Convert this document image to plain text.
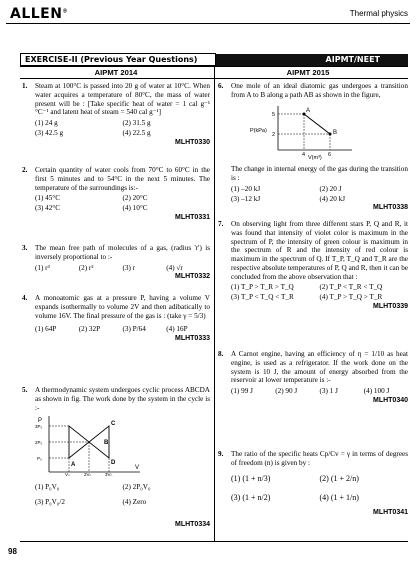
ALLEN®	Thermal physics
EXERCISE-II (Previous Year Questions)	AIPMT/NEET
AIPMT 2014	AIPMT 2015
1. Steam at 100°C is passed into 20 g of water at 10°C. When water acquires a temperature of 80°C, the mass of water present will be : [Take specific heat of water = 1 cal g⁻¹ °C⁻¹ and latent heat of steam = 540 cal g⁻¹]
(1) 24 g	(2) 31.5 g
(3) 42.5 g	(4) 22.5 g
MLHT0330
2. Certain quantity of water cools from 70°C to 60°C in the first 5 minutes and to 54°C in the next 5 minutes. The temperature of the surroundings is:-
(1) 45°C	(2) 20°C
(3) 42°C	(4) 10°C
MLHT0331
3. The mean free path of molecules of a gas, (radius 'r') is inversely proportional to :-
(1) r³	(2) r²	(3) r	(4) √r
MLHT0332
4. A monoatomic gas at a pressure P, having a volume V expands isothermally to volume 2V and then adibatically to volume 16V. The final pressure of the gas is : (take γ = 5/3)
(1) 64P	(2) 32P	(3) P/64	(4) 16P
MLHT0333
5. A thermodynamic system undergoes cyclic process ABCDA as shown in fig. The work done by the system in the cycle is :-
P
V
3P₀
2P₀
P₀
V₀	2V₀	3V₀
A
B
C
D
(1) P₀V₀	(2) 2P₀V₀
(3) P₀V₀/2	(4) Zero
MLHT0334
6. One mole of an ideal diatomic gas undergoes a transition from A to B along a path AB as shown in the figure,
P(kPa)
V(m³)
5
2
4	6
A
B
The change in internal energy of the gas during the transition is :
(1) –20 kJ	(2) 20 J
(3) –12 kJ	(4) 20 kJ
MLHT0338
7. On observing light from three different stars P, Q and R, it was found that intensity of violet color is maximum in the spectrum of P, the intensity of green colour is maximum in the spectrum of R and the intensity of red colour is maximum in the spectrum of Q. If T_P, T_Q and T_R are the respective absolute temperatures of P, Q and R, then it can be concluded from the above observation that :
(1) T_P > T_R > T_Q	(2) T_P < T_R < T_Q
(3) T_P < T_Q < T_R	(4) T_P > T_Q > T_R
MLHT0339
8. A Carnot engine, having an efficiency of η = 1/10 as heat engine, is used as a refrigerator. If the work done on the system is 10 J, the amount of energy absorbed from the reservoir at lower temperature is :-
(1) 99 J	(2) 90 J	(3) 1 J	(4) 100 J
MLHT0340
9. The ratio of the specific heats Cp/Cv = γ in terms of degrees of freedom (n) is given by :
(1) (1 + n/3)	(2) (1 + 2/n)
(3) (1 + n/2)	(4) (1 + 1/n)
MLHT0341
98
